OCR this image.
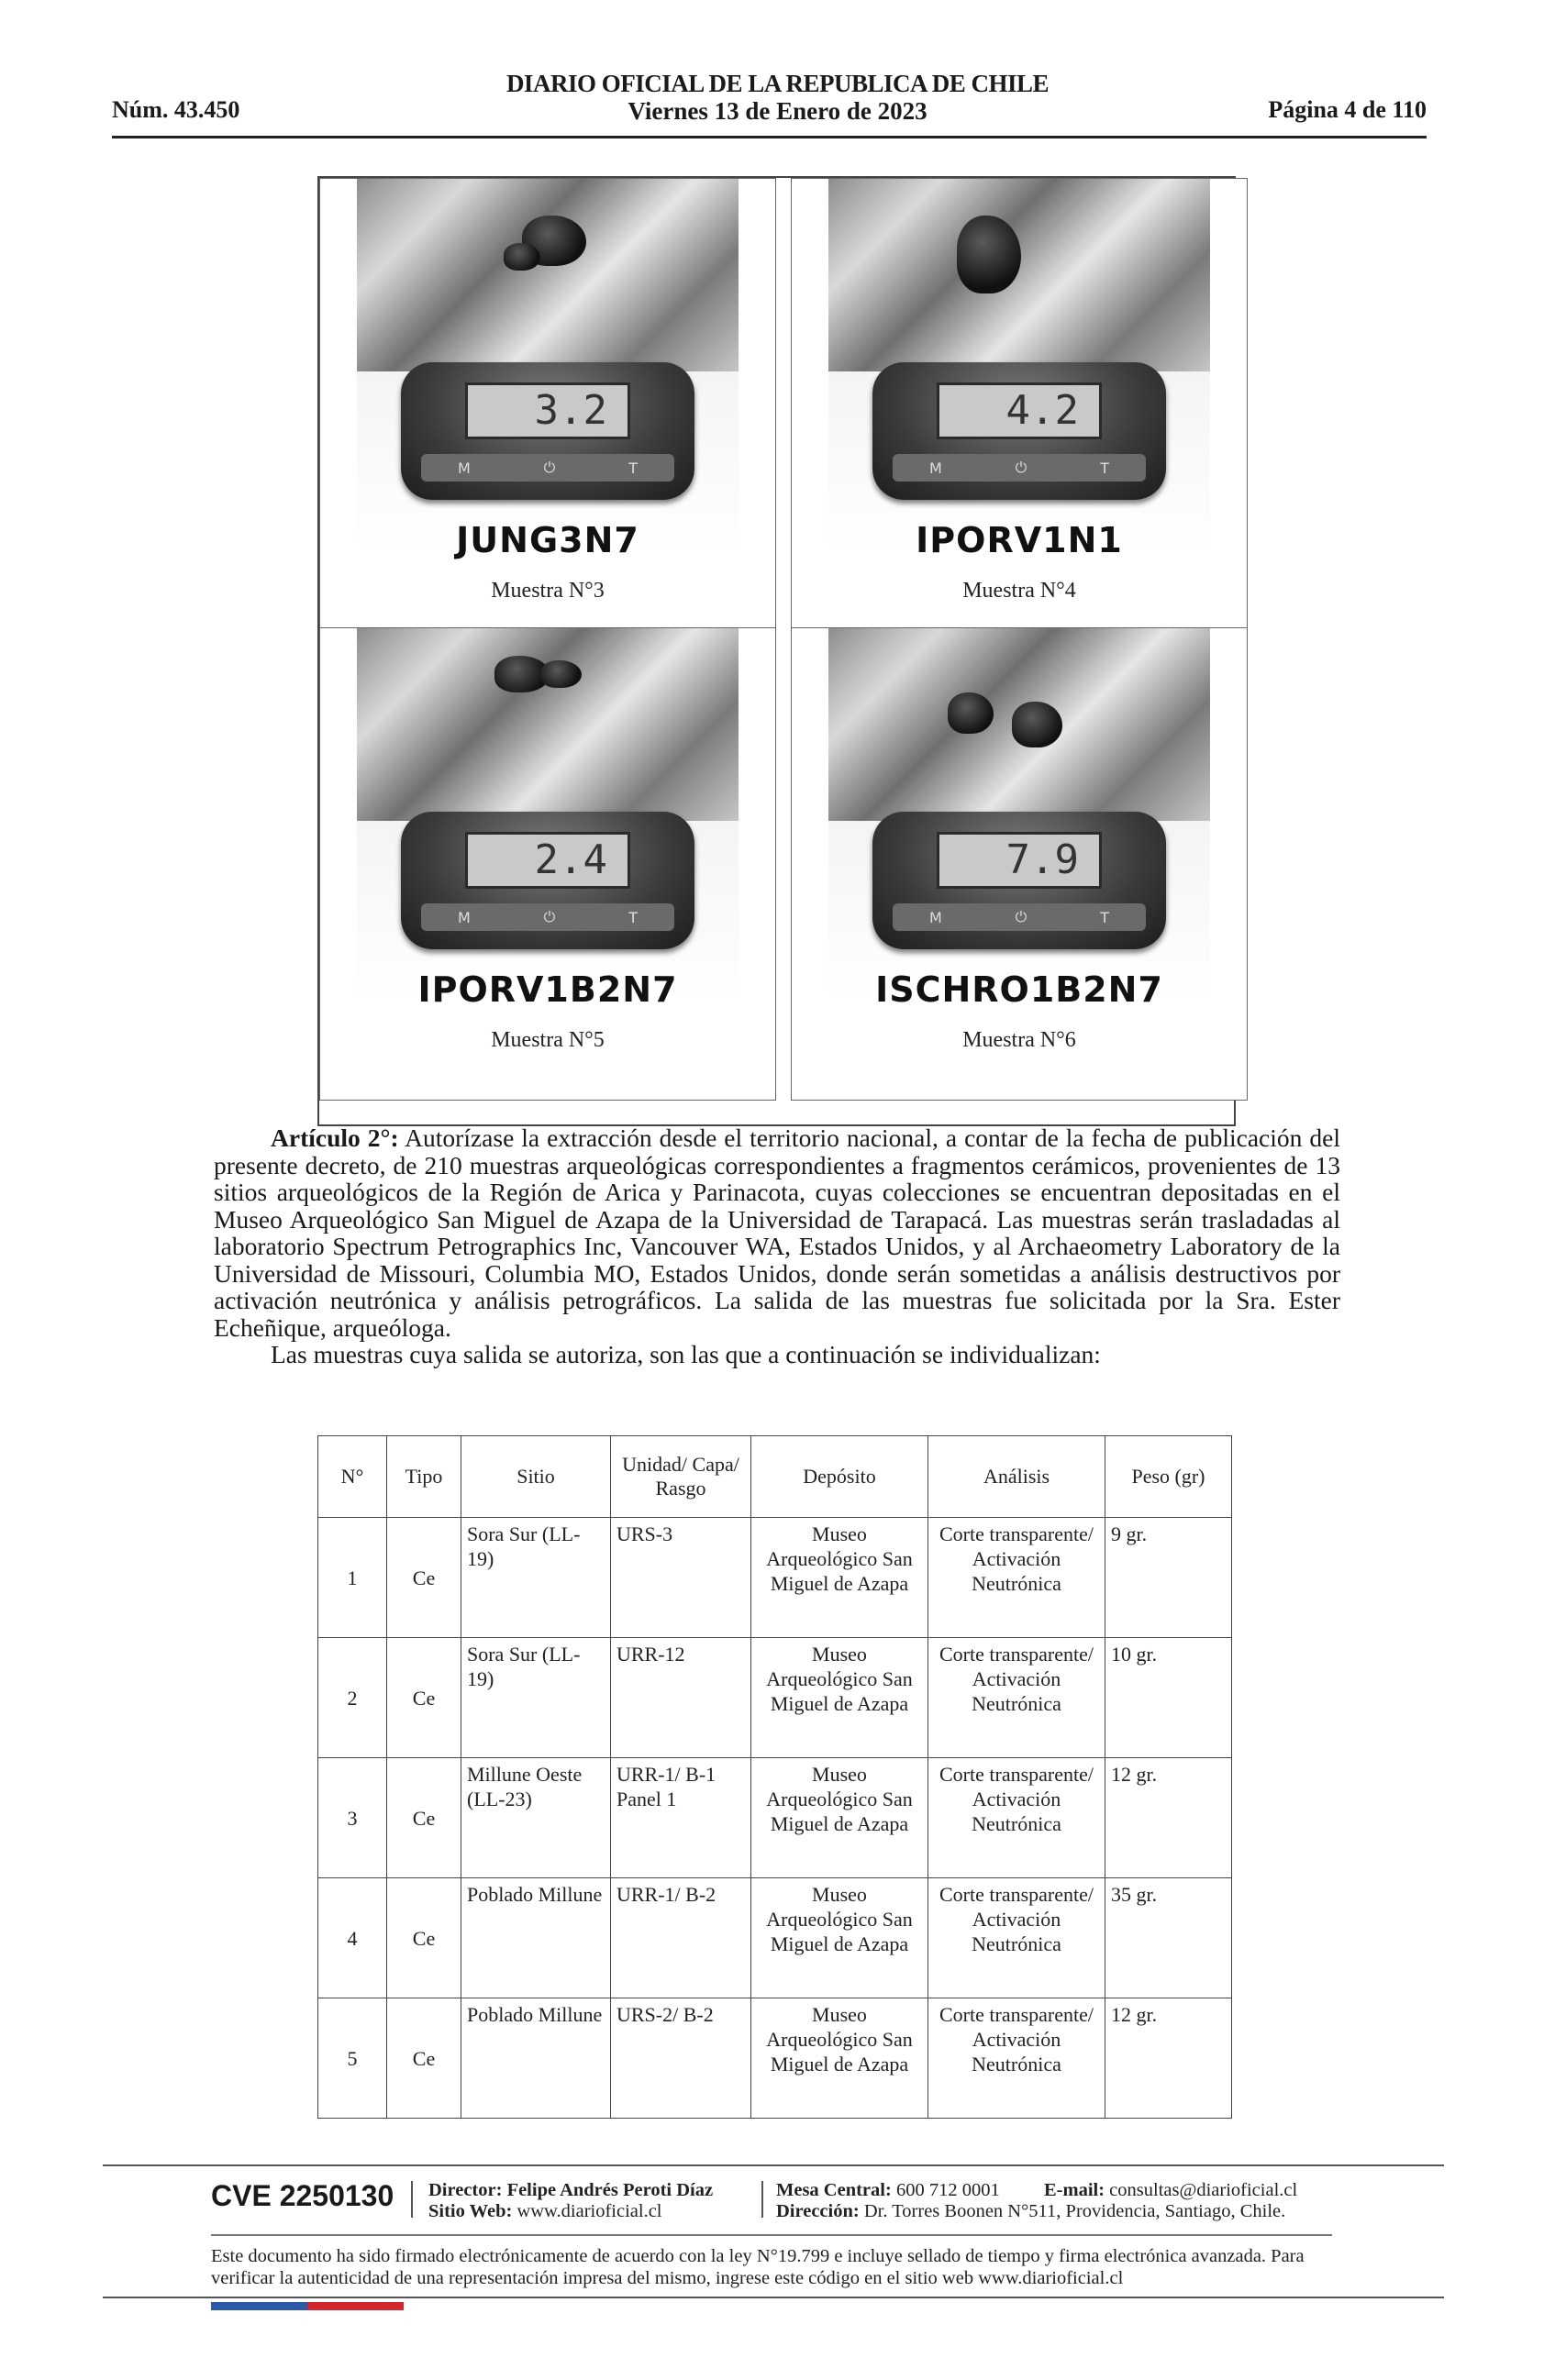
Núm. 43.450
DIARIO OFICIAL DE LA REPUBLICA DE CHILE
Viernes 13 de Enero de 2023	Página 4 de 110
3.2
M	⏻	T
JUNG3N7
Muestra N°3
4.2
M	⏻	T
IPORV1N1
Muestra N°4
2.4
M	⏻	T
IPORV1B2N7
Muestra N°5
7.9
M	⏻	T
ISCHRO1B2N7
Muestra N°6

Artículo 2°: Autorízase la extracción desde el territorio nacional, a contar de la fecha de publicación del presente decreto, de 210 muestras arqueológicas correspondientes a fragmentos cerámicos, provenientes de 13 sitios arqueológicos de la Región de Arica y Parinacota, cuyas colecciones se encuentran depositadas en el Museo Arqueológico San Miguel de Azapa de la Universidad de Tarapacá. Las muestras serán trasladadas al laboratorio Spectrum Petrographics Inc, Vancouver WA, Estados Unidos, y al Archaeometry Laboratory de la Universidad de Missouri, Columbia MO, Estados Unidos, donde serán sometidas a análisis destructivos por activación neutrónica y análisis petrográficos. La salida de las muestras fue solicitada por la Sra. Ester Echeñique, arqueóloga.

Las muestras cuya salida se autoriza, son las que a continuación se individualizan:

N°	Tipo	Sitio	Unidad/ Capa/ Rasgo	Depósito	Análisis	Peso (gr)
1	Ce	Sora Sur (LL-19)	URS-3	Museo Arqueológico San Miguel de Azapa	Corte transparente/ Activación Neutrónica	9 gr.
2	Ce	Sora Sur (LL-19)	URR-12	Museo Arqueológico San Miguel de Azapa	Corte transparente/ Activación Neutrónica	10 gr.
3	Ce	Millune Oeste (LL-23)	URR-1/ B-1 Panel 1	Museo Arqueológico San Miguel de Azapa	Corte transparente/ Activación Neutrónica	12 gr.
4	Ce	Poblado Millune	URR-1/ B-2	Museo Arqueológico San Miguel de Azapa	Corte transparente/ Activación Neutrónica	35 gr.
5	Ce	Poblado Millune	URS-2/ B-2	Museo Arqueológico San Miguel de Azapa	Corte transparente/ Activación Neutrónica	12 gr.
CVE 2250130 Director: Felipe Andrés Peroti Díaz
Sitio Web: www.diarioficial.cl
Mesa Central: 600 712 0001
Dirección: Dr. Torres Boonen N°511, Providencia, Santiago, Chile.
E-mail: consultas@diarioficial.cl
Este documento ha sido firmado electrónicamente de acuerdo con la ley N°19.799 e incluye sellado de tiempo y firma electrónica avanzada. Para verificar la autenticidad de una representación impresa del mismo, ingrese este código en el sitio web www.diarioficial.cl
